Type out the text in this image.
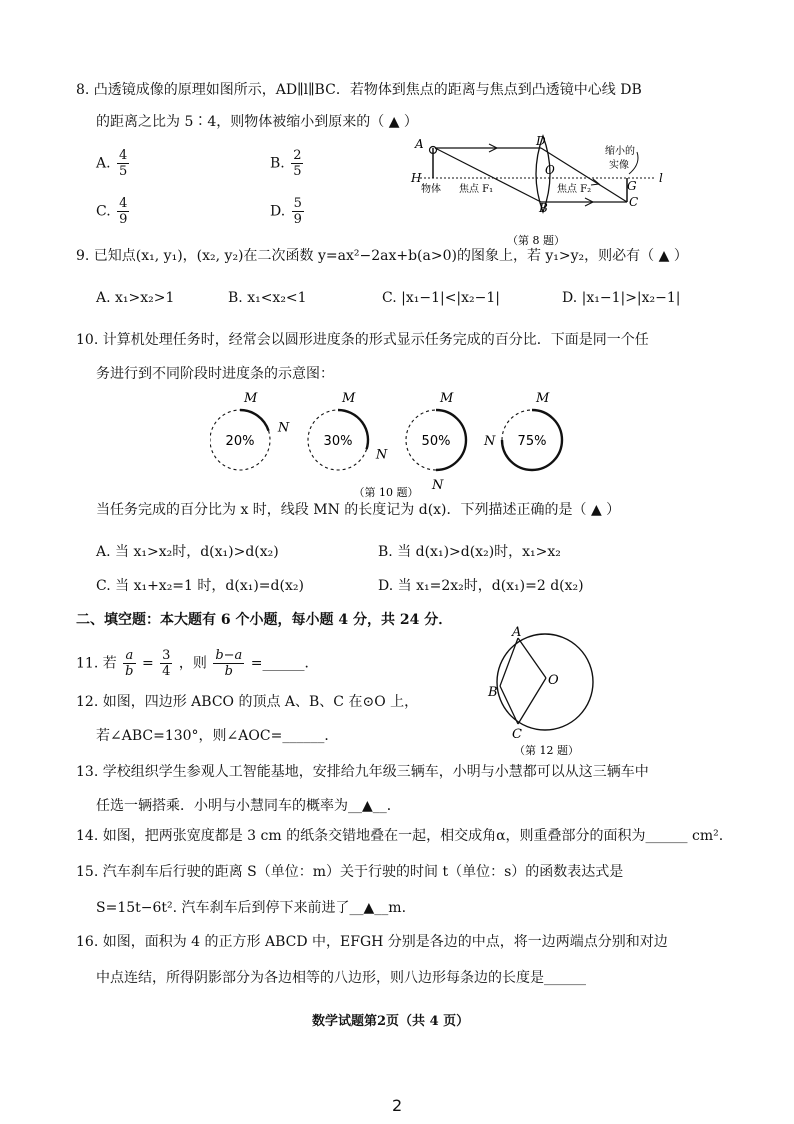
8. 凸透镜成像的原理如图所示，AD∥l∥BC．若物体到焦点的距离与焦点到凸透镜中心线 DB
的距离之比为 5∶4，则物体被缩小到原来的（ ▲ ）
A. $\frac{4}{5}$	B. $\frac{2}{5}$
C. $\frac{4}{9}$	D. $\frac{5}{9}$
A	D
H
O
B
G
C
l
物体 焦点 F₁	焦点 F₂
缩小的
实像
（第 8 题）
9. 已知点(x₁, y₁)，(x₂, y₂)在二次函数 y=ax²−2ax+b(a>0)的图象上，若 y₁>y₂，则必有（ ▲ ）
A. x₁>x₂>1	B. x₁<x₂<1	C. |x₁−1|<|x₂−1|	D. |x₁−1|>|x₂−1|
10. 计算机处理任务时，经常会以圆形进度条的形式显示任务完成的百分比．下面是同一个任
务进行到不同阶段时进度条的示意图：
20%
M
N
30%
M
N
50%
M
N
75%
M
N
（第 10 题）
当任务完成的百分比为 x 时，线段 MN 的长度记为 d(x)．下列描述正确的是（ ▲ ）
A. 当 x₁>x₂时，d(x₁)>d(x₂)	B. 当 d(x₁)>d(x₂)时，x₁>x₂
C. 当 x₁+x₂=1 时，d(x₁)=d(x₂)	D. 当 x₁=2x₂时，d(x₁)=2 d(x₂)
二、填空题：本大题有 6 个小题，每小题 4 分，共 24 分．
11. 若 $\frac{a}{b} = \frac{3}{4}$ ，则 $\frac{b-a}{b}$ =______．
12. 如图，四边形 ABCO 的顶点 A、B、C 在⊙O 上，
若∠ABC=130°，则∠AOC=______．
A
B
C
O
（第 12 题）
13. 学校组织学生参观人工智能基地，安排给九年级三辆车，小明与小慧都可以从这三辆车中
任选一辆搭乘．小明与小慧同车的概率为__▲__．
14. 如图，把两张宽度都是 3 cm 的纸条交错地叠在一起，相交成角α，则重叠部分的面积为______ cm².
15. 汽车刹车后行驶的距离 S（单位：m）关于行驶的时间 t（单位：s）的函数表达式是
S=15t−6t². 汽车刹车后到停下来前进了__▲__m.
16. 如图，面积为 4 的正方形 ABCD 中，EFGH 分别是各边的中点，将一边两端点分别和对边
中点连结，所得阴影部分为各边相等的八边形，则八边形每条边的长度是______
数学试题第2页（共 4 页）
2
